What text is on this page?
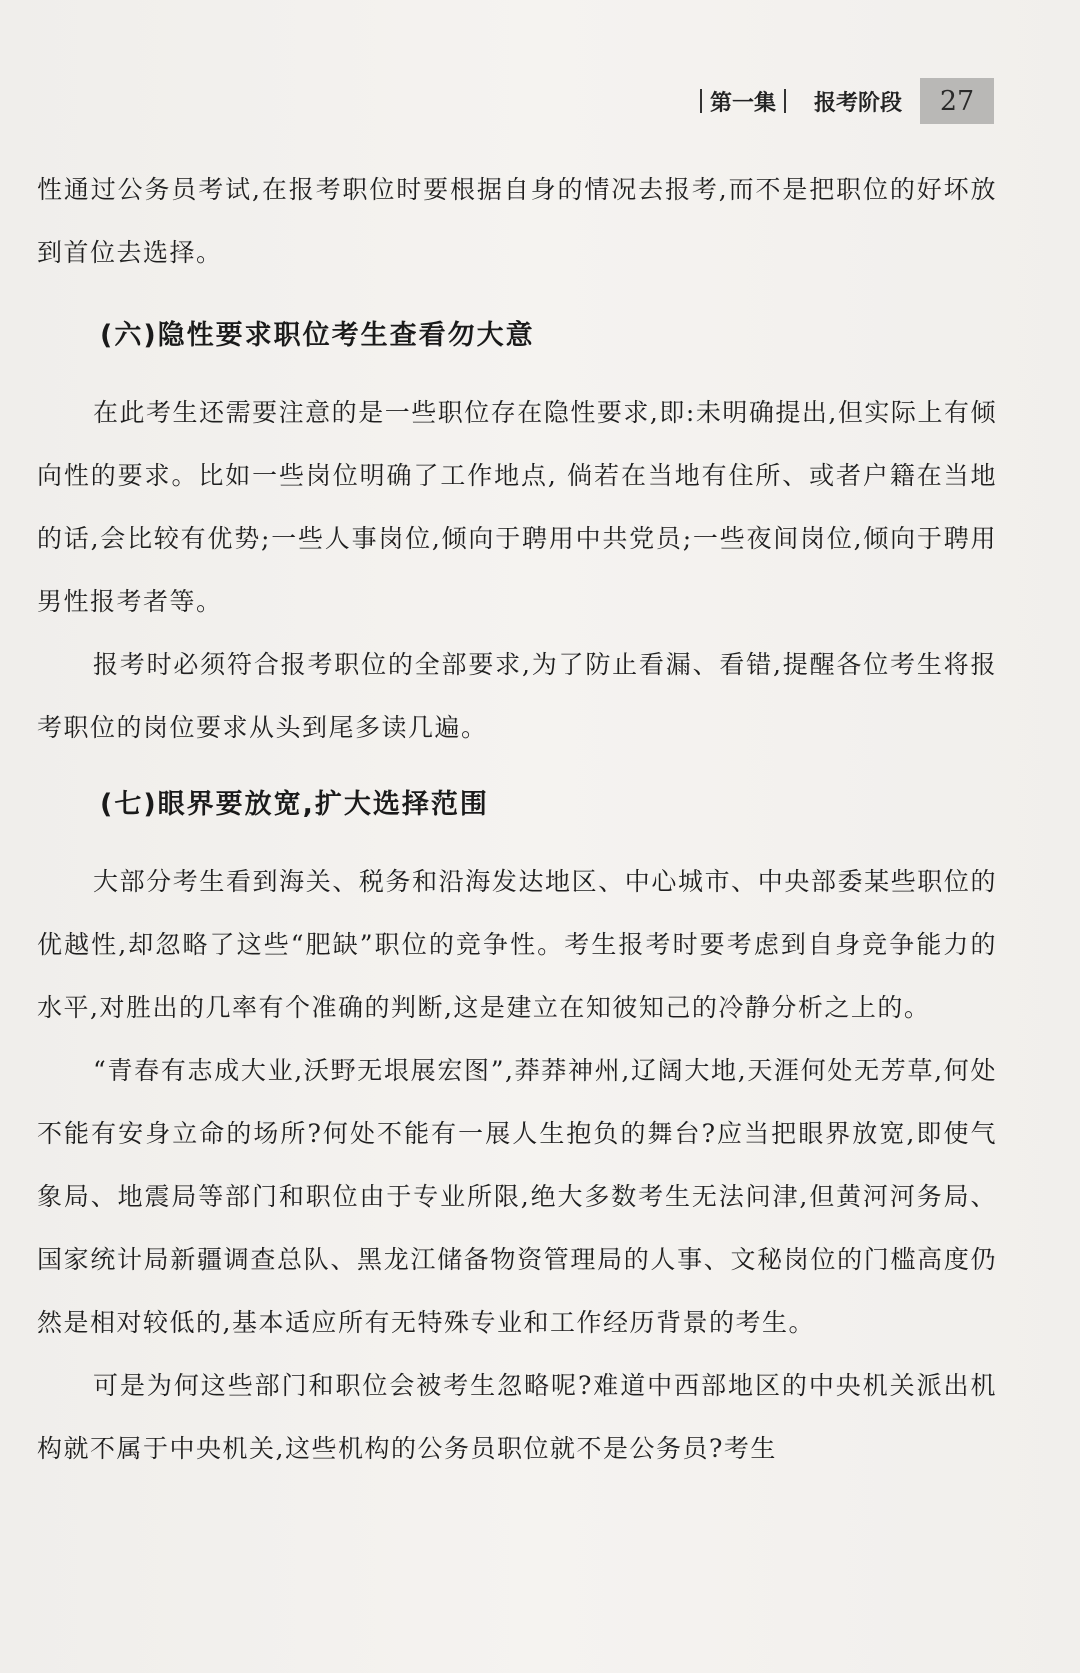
第一集 报考阶段	27

性通过公务员考试,在报考职位时要根据自身的情况去报考,而不是把职位的好坏放到首位去选择。

(六)隐性要求职位考生查看勿大意

在此考生还需要注意的是一些职位存在隐性要求,即:未明确提出,但实际上有倾向性的要求。比如一些岗位明确了工作地点, 倘若在当地有住所、或者户籍在当地的话,会比较有优势;一些人事岗位,倾向于聘用中共党员;一些夜间岗位,倾向于聘用男性报考者等。

报考时必须符合报考职位的全部要求,为了防止看漏、看错,提醒各位考生将报考职位的岗位要求从头到尾多读几遍。

(七)眼界要放宽,扩大选择范围

大部分考生看到海关、税务和沿海发达地区、中心城市、中央部委某些职位的优越性,却忽略了这些“肥缺”职位的竞争性。考生报考时要考虑到自身竞争能力的水平,对胜出的几率有个准确的判断,这是建立在知彼知己的冷静分析之上的。

“青春有志成大业,沃野无垠展宏图”,莽莽神州,辽阔大地,天涯何处无芳草,何处不能有安身立命的场所?何处不能有一展人生抱负的舞台?应当把眼界放宽,即使气象局、地震局等部门和职位由于专业所限,绝大多数考生无法问津,但黄河河务局、国家统计局新疆调查总队、黑龙江储备物资管理局的人事、文秘岗位的门槛高度仍然是相对较低的,基本适应所有无特殊专业和工作经历背景的考生。

可是为何这些部门和职位会被考生忽略呢?难道中西部地区的中央机关派出机构就不属于中央机关,这些机构的公务员职位就不是公务员?考生
